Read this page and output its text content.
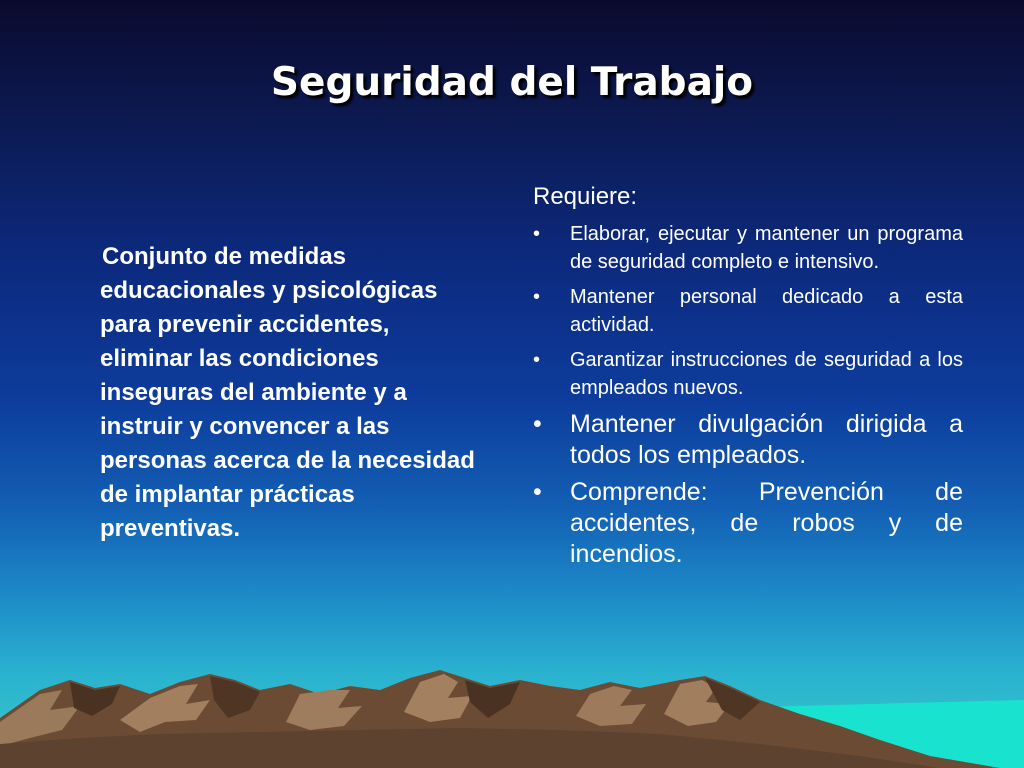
Seguridad del Trabajo

Conjunto de medidas educacionales y psicológicas para prevenir accidentes, eliminar las condiciones inseguras del ambiente y a instruir y convencer a las personas acerca de la necesidad de implantar prácticas preventivas.

Requiere:

• Elaborar, ejecutar y mantener un programa de seguridad completo e intensivo.
• Mantener personal dedicado a esta actividad.
• Garantizar instrucciones de seguridad a los empleados nuevos.
• Mantener divulgación dirigida a todos los empleados.
• Comprende: Prevención de accidentes, de robos y de incendios.
